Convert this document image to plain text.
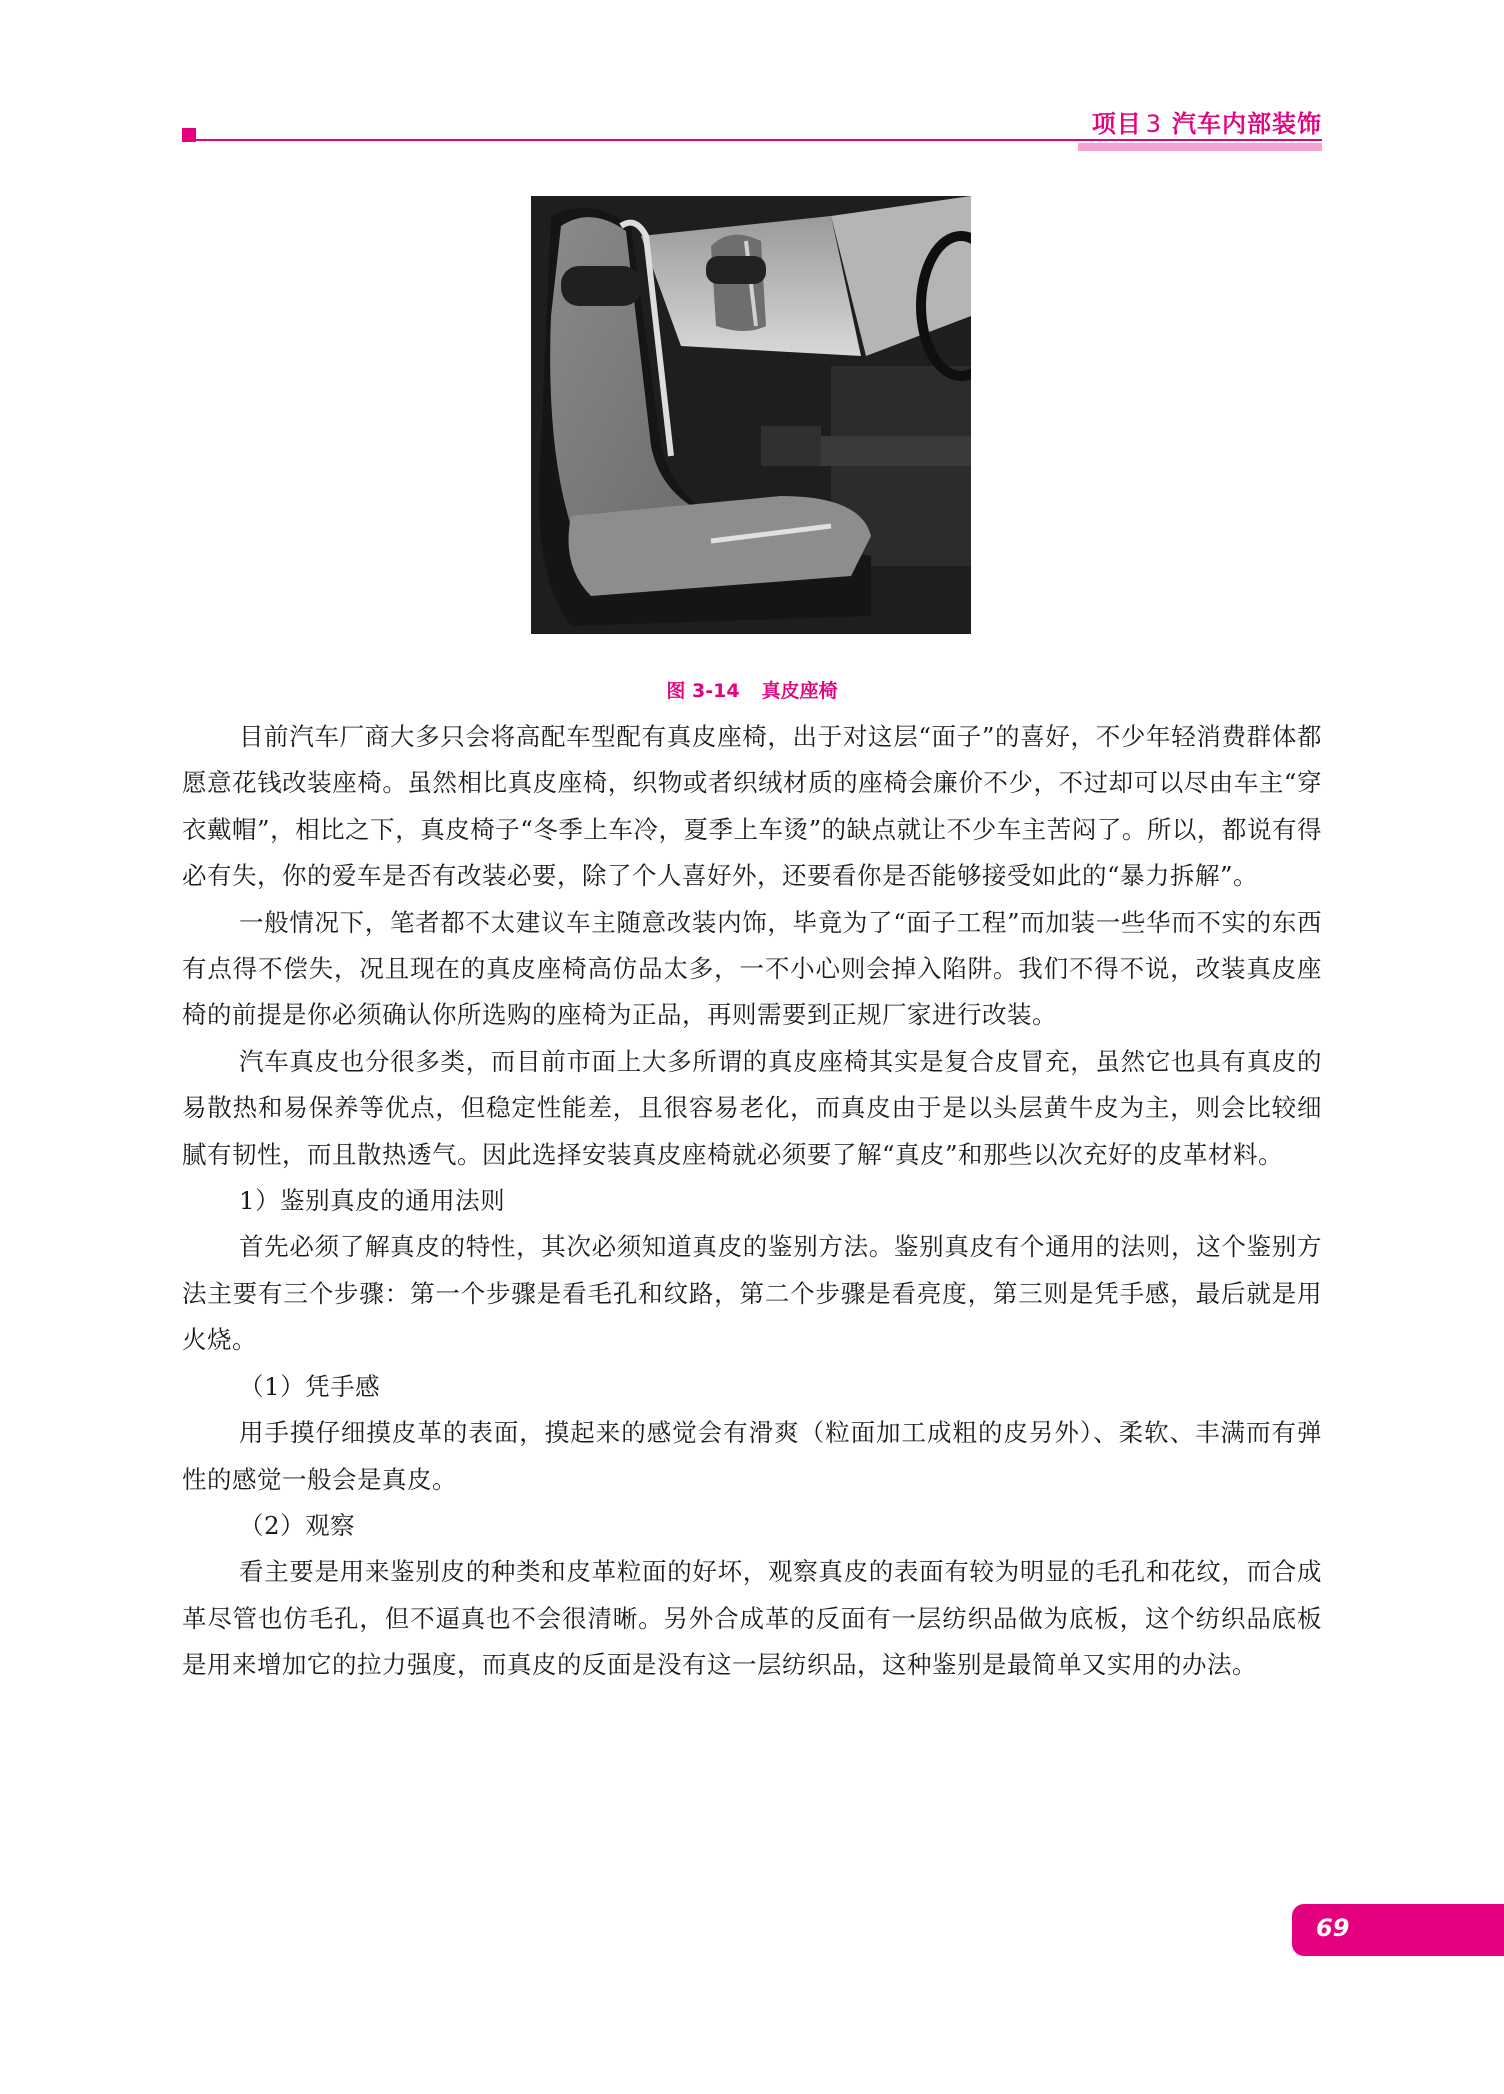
项目 3 汽车内部装饰
图 3-14 真皮座椅

目前汽车厂商大多只会将高配车型配有真皮座椅，出于对这层“面子”的喜好，不少年轻消费群体都愿意花钱改装座椅。虽然相比真皮座椅，织物或者织绒材质的座椅会廉价不少，不过却可以尽由车主“穿衣戴帽”，相比之下，真皮椅子“冬季上车冷，夏季上车烫”的缺点就让不少车主苦闷了。所以，都说有得必有失，你的爱车是否有改装必要，除了个人喜好外，还要看你是否能够接受如此的“暴力拆解”。

一般情况下，笔者都不太建议车主随意改装内饰，毕竟为了“面子工程”而加装一些华而不实的东西有点得不偿失，况且现在的真皮座椅高仿品太多，一不小心则会掉入陷阱。我们不得不说，改装真皮座椅的前提是你必须确认你所选购的座椅为正品，再则需要到正规厂家进行改装。

汽车真皮也分很多类，而目前市面上大多所谓的真皮座椅其实是复合皮冒充，虽然它也具有真皮的易散热和易保养等优点，但稳定性能差，且很容易老化，而真皮由于是以头层黄牛皮为主，则会比较细腻有韧性，而且散热透气。因此选择安装真皮座椅就必须要了解“真皮”和那些以次充好的皮革材料。

1）鉴别真皮的通用法则

首先必须了解真皮的特性，其次必须知道真皮的鉴别方法。鉴别真皮有个通用的法则，这个鉴别方法主要有三个步骤：第一个步骤是看毛孔和纹路，第二个步骤是看亮度，第三则是凭手感，最后就是用火烧。

（1）凭手感

用手摸仔细摸皮革的表面，摸起来的感觉会有滑爽（粒面加工成粗的皮另外）、柔软、丰满而有弹性的感觉一般会是真皮。

（2）观察

看主要是用来鉴别皮的种类和皮革粒面的好坏，观察真皮的表面有较为明显的毛孔和花纹，而合成革尽管也仿毛孔，但不逼真也不会很清晰。另外合成革的反面有一层纺织品做为底板，这个纺织品底板是用来增加它的拉力强度，而真皮的反面是没有这一层纺织品，这种鉴别是最简单又实用的办法。

69
